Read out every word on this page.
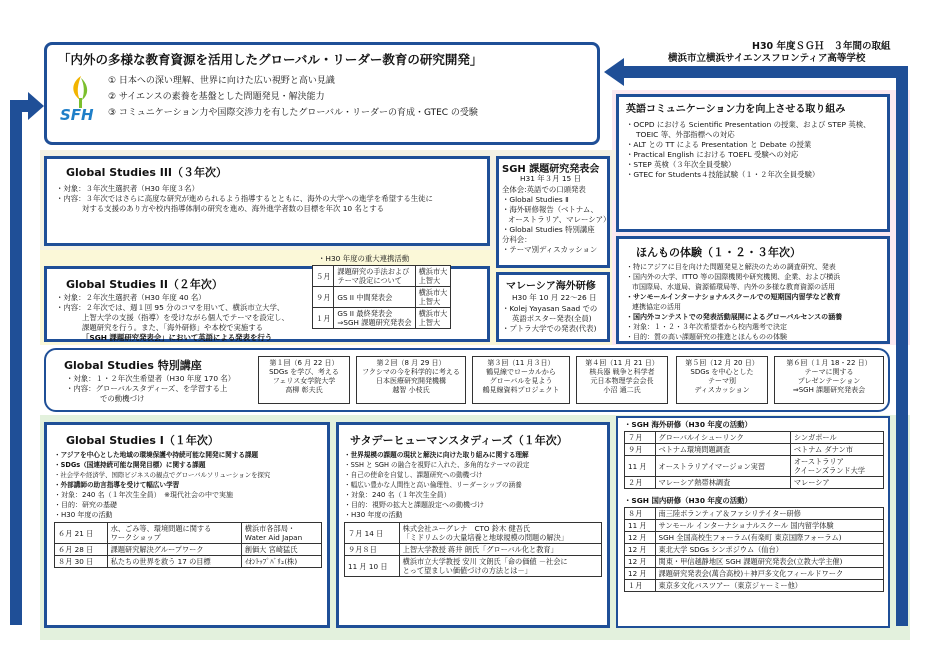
「内外の多様な教育資源を活用したグローバル・リーダー教育の研究開発」
H30 年度ＳＧＨ　３年間の取組
横浜市立横浜サイエンスフロンティア高等学校
SFH
① 日本への深い理解、世界に向けた広い視野と高い見識
② サイエンスの素養を基盤とした問題発見・解決能力
③ コミュニケーション力や国際交渉力を有したグローバル・リーダーの育成・GTEC の受験	英語コミュニケーション力を向上させる取り組み
・OCPD における Scientific Presentation の授業、および STEP 英検、
TOEIC 等、外部指標への対応
・ALT との TT による Presentation と Debate の授業
・Practical English における TOEFL 受験への対応
・STEP 英検（３年次全員受験）
・GTEC for Students４技能試験（１・２年次全員受験）
Global Studies III（３年次）
・対象：３年次生選択者（H30 年度３名）
・内容：３年次ではさらに高度な研究が進められるよう指導するとともに、海外の大学への進学を希望する生徒に
対する支援のあり方や校内指導体制の研究を進め、海外進学者数の目標を年次 10 名とする
SGH 課題研究発表会
H31 年３月 15 日
全体会:英語での口頭発表
・Global Studies Ⅱ
・海外研修報告（ベトナム、
オーストラリア、マレーシア）
・Global Studies 特別講座
分科会：
・テーマ別ディスカッション	ほんもの体験（１・２・３年次）
・特にアジアに目を向けた問題発見と解決のための調査研究、発表
・国内外の大学、ITTO 等の国際機関や研究機関、企業、および横浜
市国際局、水道局、資源循環局等、内外の多様な教育資源の活用
・サンモールインターナショナルスクールでの短期国内留学など教育
連携協定の活用
・国内外コンテストでの発表活動展開によるグローバルセンスの涵養
・対象：１・２・３年次希望者から校内選考で決定
・目的：質の高い課題研究の推進とほんものの体験
Global Studies II（２年次）
・対象：２年次生選択者（H30 年度 40 名）
・内容：２年次では、週１回 95 分のコマを用いて、横浜市立大学、
上智大学の支援（指導）を受けながら個人でテーマを設定し、
課題研究を行う。また、「海外研修」や本校で実施する
「SGH 課題研究発表会」において英語による発表を行う
・H30 年度の重大連携活動
５月	課題研究の手法および
テーマ設定について	横浜市大
上智大
９月	GS II 中間発表会	横浜市大
上智大
１月	GS II 最終発表会
⇒SGH 課題研究発表会	横浜市大
上智大
マレーシア海外研修
H30 年 10 月 22～26 日
・Kolej Yayasan Saad での
英語ポスター発表(全員)
・プトラ大学での発表(代表)
Global Studies 特別講座
・対象：１・２年次生希望者（H30 年度 170 名）
・内容：グローバルスタディーズ、を学習する上
での動機づけ
第１回（6 月 22 日）
SDGs を学び、考える
フェリス女学院大学
高柳 彰夫氏
第２回（8 月 29 日）
フクシマの今を科学的に考える
日本医療研究開発機構
越智 小枝氏
第３回（11 月３日）
鶴見線でローカルから
グローバルを見よう
鶴見線資料プロジェクト
第４回（11 月 21 日）
核兵器 戦争と科学者
元日本物理学会会長
小沼 通二氏
第５回（12 月 20 日）
SDGs を中心とした
テーマ別
ディスカッション
第６回（１月 18・22 日）
テーマに関する
プレゼンテーション
⇒SGH 課題研究発表会
Global Studies I（１年次）
・アジアを中心とした地域の環境保護や持続可能な開発に関する課題
・SDGs（国連持続可能な開発目標）に関する課題
・社会学や経済学、国際ビジネスの観点でグローバルソリューションを探究
・外部講師の助言指導を受けて幅広い学習
・対象：240 名（１年次生全員）　※現代社会の中で実施
・目的：研究の基礎
・H30 年度の活動
６月 21 日	水、ごみ等、環境問題に関する
ワークショップ	横浜市各部局・
Water Aid Japan
６月 28 日	課題研究解決グループワーク	創価大 宮崎猛氏
８月 30 日	私たちの世界を救う 17 の目標	ｲｵﾝﾄｯﾌﾟﾊﾞﾘｭ(株)
サタデーヒューマンスタディーズ（１年次）
・世界規模の課題の現状と解決に向けた取り組みに関する理解
・SSH と SGH の融合を視野に入れた、多角的なテーマの設定
・自己の使命を自覚し、課題研究への動機づけ
・幅広い豊かな人間性と高い倫理性、リーダーシップの涵養
・対象：240 名（１年次生全員）
・目的：視野の拡大と課題設定への動機づけ
・H30 年度の活動
７月 14 日	株式会社ユーグレナ　CTO 鈴木 健吾氏
「ミドリムシの大量培養と地球規模の問題の解決」
９月８日	上智大学教授 蒋井 朗氏「グローバル化と教育」
11 月 10 日	横浜市立大学教授 安川 文朗氏「命の価値 －社会に
とって望ましい価値づけの方法とは－」
・SGH 海外研修（H30 年度の活動）
７月	グローバルイシューリンク	シンガポール
９月	ベトナム環境問題調査	ベトナム ダナン市
11 月	オーストラリアイマージョン実習	オーストラリア
クイーンズランド大学
２月	マレーシア熱帯林調査	マレーシア
・SGH 国内研修（H30 年度の活動）
８月	南三陸ボランティア＆ファシリテイター研修
11 月	サンモール インターナショナルスクール 国内留学体験
12 月	SGH 全国高校生フォーラム(有楽町 東京国際フォーラム)
12 月	東北大学 SDGs シンポジウム（仙台）
12 月	関東・甲信越静地区 SGH 課題研究発表会(立教大学主催)
12 月	課題研究発表会(萬合高校)＋神戸多文化フィールドワーク
１月	東京多文化バスツアー（東京ジャーミー他）
